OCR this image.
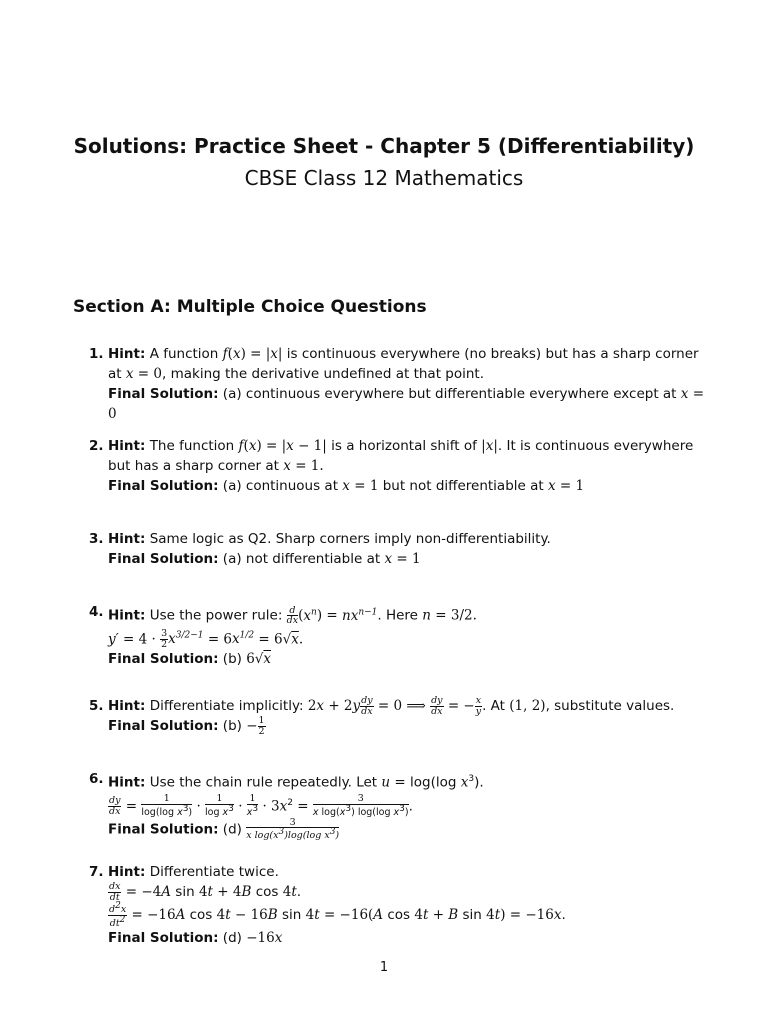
Solutions: Practice Sheet - Chapter 5 (Differentiability)
CBSE Class 12 Mathematics
Section A: Multiple Choice Questions
1. Hint: A function f(x) = |x| is continuous everywhere (no breaks) but has a sharp corner at x = 0, making the derivative undefined at that point.
Final Solution: (a) continuous everywhere but differentiable everywhere except at x = 0
2. Hint: The function f(x) = |x − 1| is a horizontal shift of |x|. It is continuous everywhere but has a sharp corner at x = 1.
Final Solution: (a) continuous at x = 1 but not differentiable at x = 1
3. Hint: Same logic as Q2. Sharp corners imply non-differentiability.
Final Solution: (a) not differentiable at x = 1
4. Hint: Use the power rule: $\frac{d}{dx} (x^n) = nx^{n-1}$. Here n = 3/2.
$y' = 4 \cdot \frac{3}{2} x^{3/2-1} = 6x^{1/2} = 6√x$.
Final Solution: (b) 6√x
5. Hint: Differentiate implicitly: $2x + 2y \frac{dy}{dx} = 0$ ⟹ $\frac{dy}{dx}$ = − $\frac{x}{y}$ . At (1, 2), substitute values.
Final Solution: $(b) - \frac{1}{2}$
6. Hint: Use the chain rule repeatedly. Let u = log(log $x^3$).

$\frac{dy}{dx} = \frac{1}{\log(\log x^3)} \cdot \frac{1}{\log x^3} \cdot \frac{1}{x^3} \cdot 3x^2 = \frac{3}{x \log(x^3) \log(\log x^3)}$ .
Final Solution: $(d) \frac{3}{x \log(x^3)\log(\log x^3)}$
7. Hint: Differentiate twice.

$\frac{dx}{dt} = -4A$ sin 4t + 4B cos 4t.

$\frac{d^2x}{dt^2} = -16A$ cos 4t − 16B sin 4t = −16(A cos 4t + B sin 4t) = −16x.
Final Solution: (d) −16x
1
